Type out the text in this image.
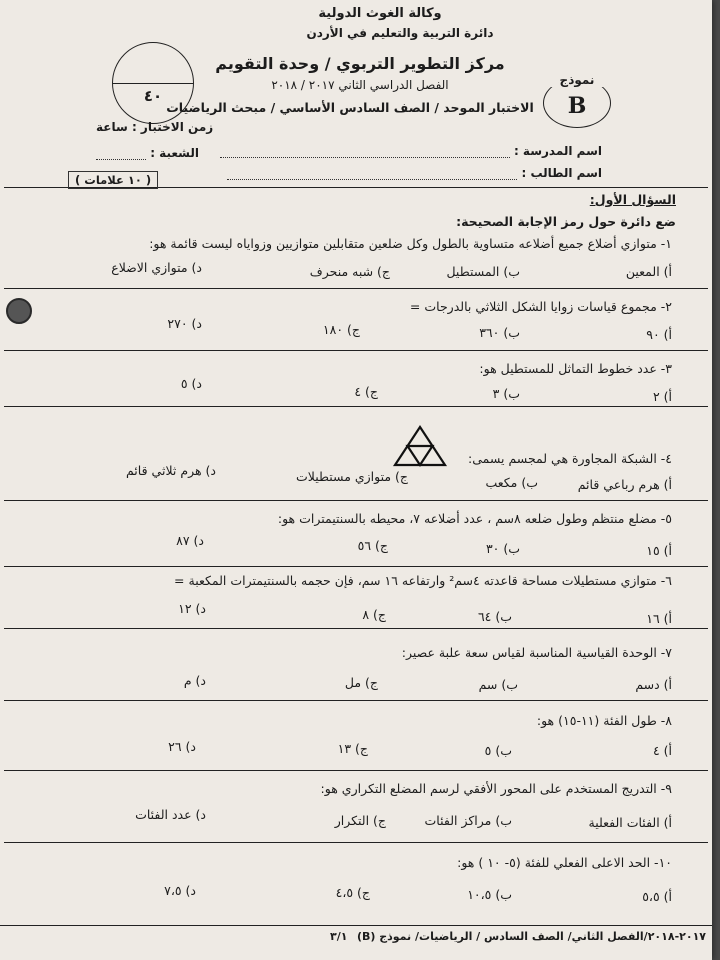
وكالة الغوث الدولية
دائرة التربية والتعليم في الأردن
مركز التطوير التربوي / وحدة التقويم
الفصل الدراسي الثاني ٢٠١٧ / ٢٠١٨
الاختبار الموحد / الصف السادس الأساسي / مبحث الرياضيات
٤٠
نموذج
B
اسم المدرسة :
اسم الطالب :
زمن الاختبار : ساعة
الشعبة :
السؤال الأول:
( ١٠ علامات )
ضع دائرة حول رمز الإجابة الصحيحة:
١- متوازي أضلاع جميع أضلاعه متساوية بالطول وكل ضلعين متقابلين متوازيين وزواياه ليست قائمة هو:
أ) المعين
ب) المستطيل
ج) شبه منحرف
د) متوازي الاضلاع
٢- مجموع قياسات زوايا الشكل الثلاثي بالدرجات =
أ) ٩٠
ب) ٣٦٠
ج) ١٨٠
د) ٢٧٠
٣- عدد خطوط التماثل للمستطيل هو:
أ) ٢
ب) ٣
ج) ٤
د) ٥
٤- الشبكة المجاورة هي لمجسم يسمى:
أ) هرم رباعي قائم
ب) مكعب
ج) متوازي مستطيلات
د) هرم ثلاثي قائم
٥- مضلع منتظم وطول ضلعه ٨سم ، عدد أضلاعه ٧، محيطه بالسنتيمترات هو:
أ) ١٥
ب) ٣٠
ج) ٥٦
د) ٨٧
٦- متوازي مستطيلات مساحة قاعدته ٤سم² وارتفاعه ١٦ سم، فإن حجمه بالسنتيمترات المكعبة =
أ) ١٦
ب) ٦٤
ج) ٨
د) ١٢
٧- الوحدة القياسية المناسبة لقياس سعة علبة عصير:
أ) دسم
ب) سم
ج) مل
د) م
٨- طول الفئة (١١-١٥) هو:
أ) ٤
ب) ٥
ج) ١٣
د) ٢٦
٩- التدريج المستخدم على المحور الأفقي لرسم المضلع التكراري هو:
أ) الفئات الفعلية
ب) مراكز الفئات
ج) التكرار
د) عدد الفئات
١٠- الحد الاعلى الفعلي للفئة (٥- ١٠ ) هو:
أ) ٥،٥
ب) ١٠،٥
ج) ٤،٥
د) ٧،٥
٢٠١٧-٢٠١٨/الفصل الثاني/ الصف السادس / الرياضيات/ نموذج (B)
٣/١
